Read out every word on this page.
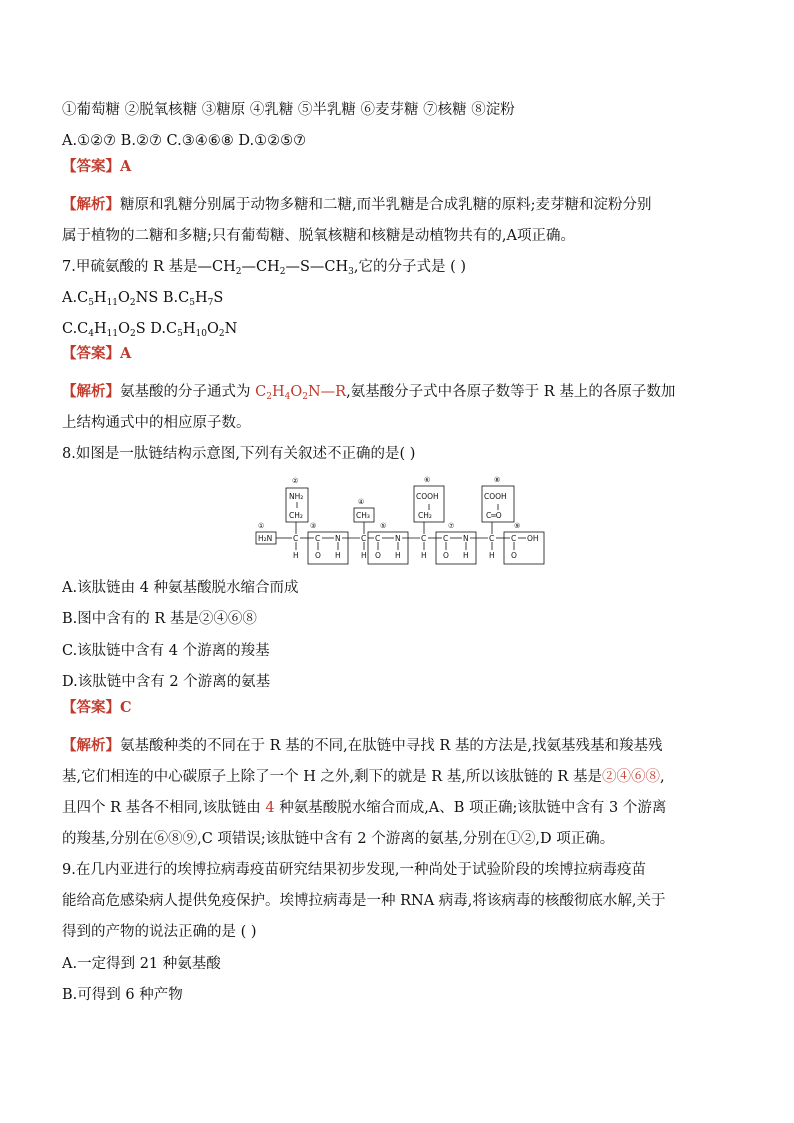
①葡萄糖 ②脱氧核糖 ③糖原 ④乳糖 ⑤半乳糖 ⑥麦芽糖 ⑦核糖 ⑧淀粉
A.①②⑦ B.②⑦ C.③④⑥⑧ D.①②⑤⑦
【答案】A
【解析】糖原和乳糖分别属于动物多糖和二糖,而半乳糖是合成乳糖的原料;麦芽糖和淀粉分别
属于植物的二糖和多糖;只有葡萄糖、脱氧核糖和核糖是动植物共有的,A项正确。
7.甲硫氨酸的 R 基是$—CH_2—CH_2—S—CH_3$,它的分子式是 ( )
$A.C_5H_{11}O_2NS$ $B.C_5H_7S$
$C.C_4H_{11}O_2S$ $D.C_5H_{10}O_2N$
【答案】A
【解析】氨基酸的分子通式为 $C_2H_4O_2N—R$,氨基酸分子式中各原子数等于 R 基上的各原子数加
上结构通式中的相应原子数。
8.如图是一肽链结构示意图,下列有关叙述不正确的是( )
①
②
③
④
⑤
⑥
⑦
⑧
⑨
H₂N
NH₂
CH₂	CH₃
COOH
CH₂
COOH
C═O
C C N	C C N	C C N	C C OH
H O H	H O H	H O H	H O
A.该肽链由 4 种氨基酸脱水缩合而成
B.图中含有的 R 基是②④⑥⑧
C.该肽链中含有 4 个游离的羧基
D.该肽链中含有 2 个游离的氨基
【答案】C
【解析】氨基酸种类的不同在于 R 基的不同,在肽链中寻找 R 基的方法是,找氨基残基和羧基残
基,它们相连的中心碳原子上除了一个 H 之外,剩下的就是 R 基,所以该肽链的 R 基是②④⑥⑧,
且四个 R 基各不相同,该肽链由 4 种氨基酸脱水缩合而成,A、B 项正确;该肽链中含有 3 个游离
的羧基,分别在⑥⑧⑨,C 项错误;该肽链中含有 2 个游离的氨基,分别在①②,D 项正确。
9.在几内亚进行的埃博拉病毒疫苗研究结果初步发现,一种尚处于试验阶段的埃博拉病毒疫苗
能给高危感染病人提供免疫保护。埃博拉病毒是一种 RNA 病毒,将该病毒的核酸彻底水解,关于
得到的产物的说法正确的是 ( )
A.一定得到 21 种氨基酸
B.可得到 6 种产物
